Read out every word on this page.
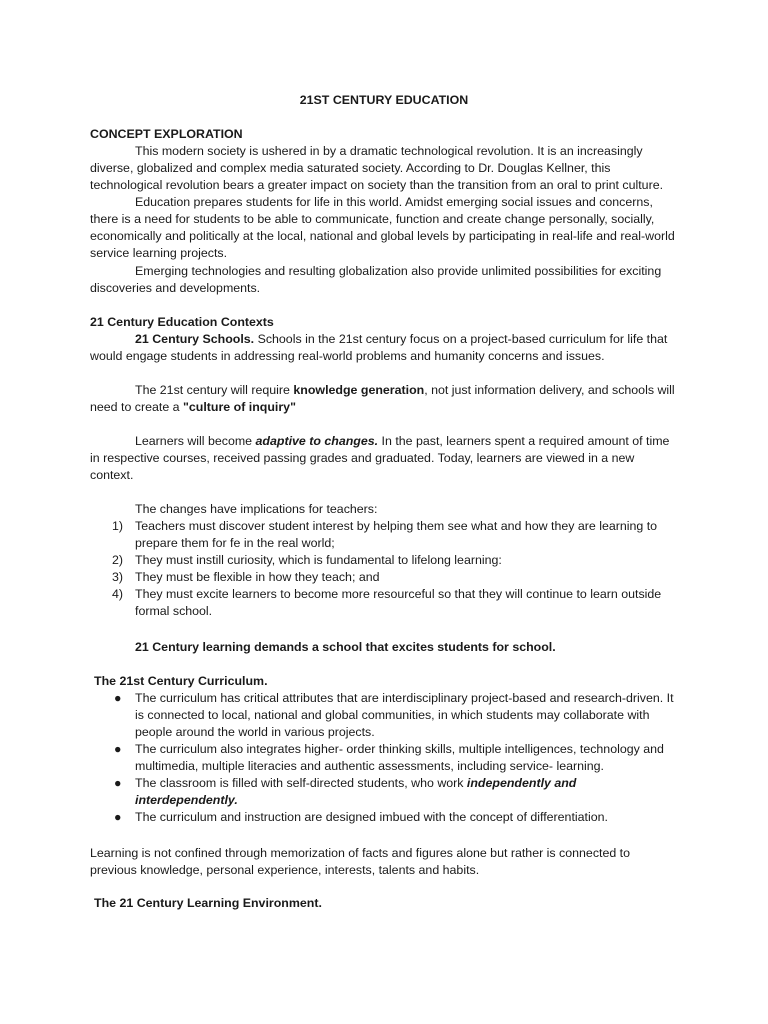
21ST CENTURY EDUCATION
CONCEPT EXPLORATION

This modern society is ushered in by a dramatic technological revolution. It is an increasingly diverse, globalized and complex media saturated society. According to Dr. Douglas Kellner, this technological revolution bears a greater impact on society than the transition from an oral to print culture.

Education prepares students for life in this world. Amidst emerging social issues and concerns, there is a need for students to be able to communicate, function and create change personally, socially, economically and politically at the local, national and global levels by participating in real-life and real-world service learning projects.

Emerging technologies and resulting globalization also provide unlimited possibilities for exciting discoveries and developments.

21 Century Education Contexts

21 Century Schools. Schools in the 21st century focus on a project-based curriculum for life that would engage students in addressing real-world problems and humanity concerns and issues.

The 21st century will require knowledge generation, not just information delivery, and schools will need to create a "culture of inquiry"

Learners will become adaptive to changes. In the past, learners spent a required amount of time in respective courses, received passing grades and graduated. Today, learners are viewed in a new context.

The changes have implications for teachers:

1) Teachers must discover student interest by helping them see what and how they are learning to prepare them for fe in the real world;
2) They must instill curiosity, which is fundamental to lifelong learning:
3) They must be flexible in how they teach; and
4) They must excite learners to become more resourceful so that they will continue to learn outside formal school.

21 Century learning demands a school that excites students for school.

The 21st Century Curriculum.
● The curriculum has critical attributes that are interdisciplinary project-based and research-driven. It is connected to local, national and global communities, in which students may collaborate with people around the world in various projects.
● The curriculum also integrates higher- order thinking skills, multiple intelligences, technology and multimedia, multiple literacies and authentic assessments, including service- learning.
● The classroom is filled with self-directed students, who work independently and interdependently.
● The curriculum and instruction are designed imbued with the concept of differentiation.

Learning is not confined through memorization of facts and figures alone but rather is connected to previous knowledge, personal experience, interests, talents and habits.

The 21 Century Learning Environment.
